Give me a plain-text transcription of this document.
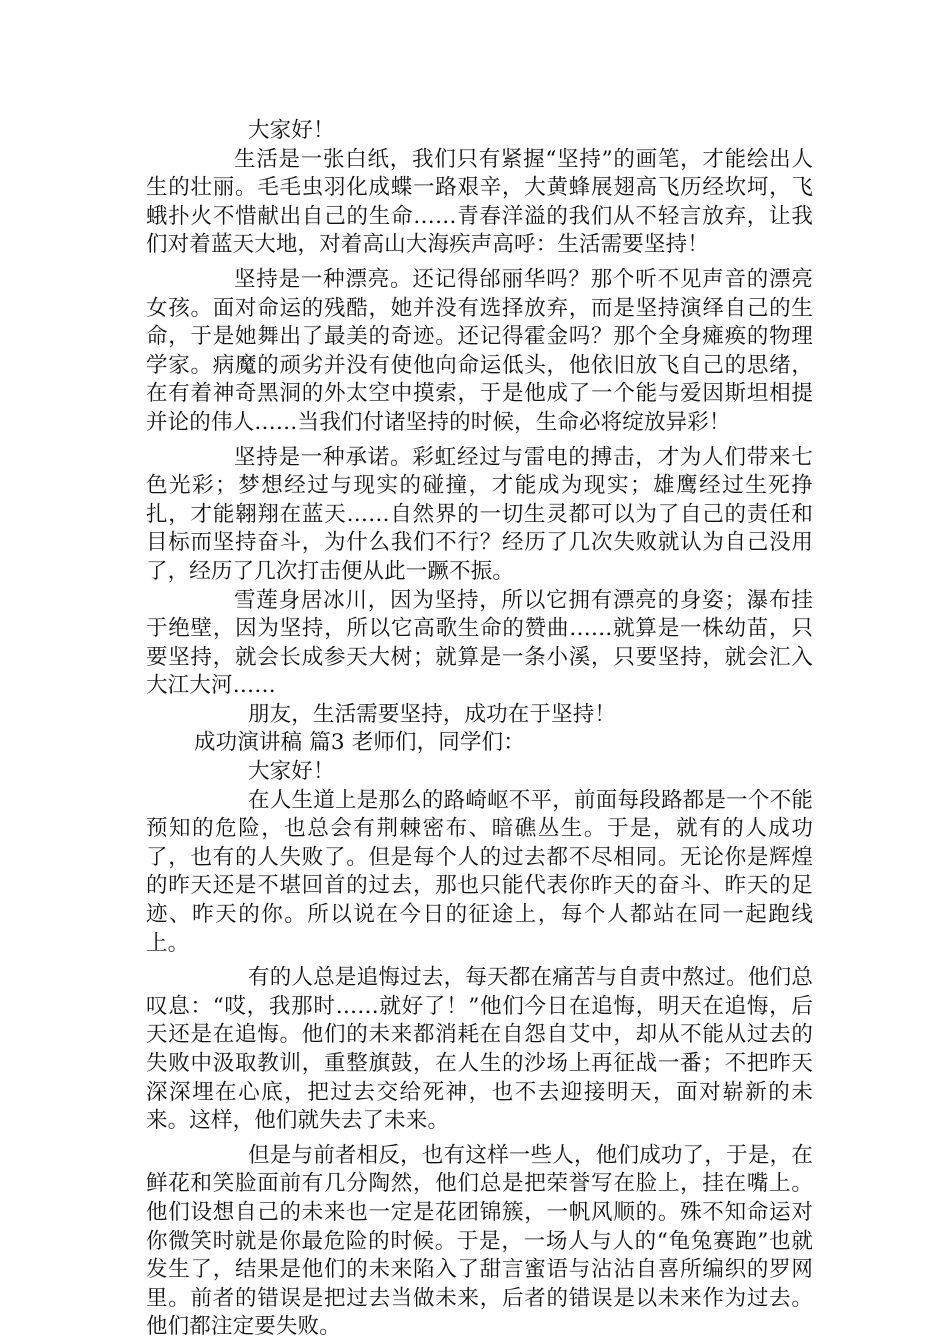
大家好！

生活是一张白纸，我们只有紧握“坚持”的画笔，才能绘出人生的壮丽。毛毛虫羽化成蝶一路艰辛，大黄蜂展翅高飞历经坎坷，飞蛾扑火不惜献出自己的生命……青春洋溢的我们从不轻言放弃，让我们对着蓝天大地，对着高山大海疾声高呼：生活需要坚持！

坚持是一种漂亮。还记得邰丽华吗？那个听不见声音的漂亮女孩。面对命运的残酷，她并没有选择放弃，而是坚持演绎自己的生命，于是她舞出了最美的奇迹。还记得霍金吗？那个全身瘫痪的物理学家。病魔的顽劣并没有使他向命运低头，他依旧放飞自己的思绪，在有着神奇黑洞的外太空中摸索，于是他成了一个能与爱因斯坦相提并论的伟人……当我们付诸坚持的时候，生命必将绽放异彩！

坚持是一种承诺。彩虹经过与雷电的搏击，才为人们带来七色光彩；梦想经过与现实的碰撞，才能成为现实；雄鹰经过生死挣扎，才能翱翔在蓝天……自然界的一切生灵都可以为了自己的责任和目标而坚持奋斗，为什么我们不行？经历了几次失败就认为自己没用了，经历了几次打击便从此一蹶不振。

雪莲身居冰川，因为坚持，所以它拥有漂亮的身姿；瀑布挂于绝壁，因为坚持，所以它高歌生命的赞曲……就算是一株幼苗，只要坚持，就会长成参天大树；就算是一条小溪，只要坚持，就会汇入大江大河……

朋友，生活需要坚持，成功在于坚持！

成功演讲稿 篇3 老师们，同学们：

大家好！

在人生道上是那么的路崎岖不平，前面每段路都是一个不能预知的危险，也总会有荆棘密布、暗礁丛生。于是，就有的人成功了，也有的人失败了。但是每个人的过去都不尽相同。无论你是辉煌的昨天还是不堪回首的过去，那也只能代表你昨天的奋斗、昨天的足迹、昨天的你。所以说在今日的征途上，每个人都站在同一起跑线上。

有的人总是追悔过去，每天都在痛苦与自责中熬过。他们总叹息：“哎，我那时……就好了！”他们今日在追悔，明天在追悔，后天还是在追悔。他们的未来都消耗在自怨自艾中，却从不能从过去的失败中汲取教训，重整旗鼓，在人生的沙场上再征战一番；不把昨天深深埋在心底，把过去交给死神，也不去迎接明天，面对崭新的未来。这样，他们就失去了未来。

但是与前者相反，也有这样一些人，他们成功了，于是，在鲜花和笑脸面前有几分陶然，他们总是把荣誉写在脸上，挂在嘴上。他们设想自己的未来也一定是花团锦簇，一帆风顺的。殊不知命运对你微笑时就是你最危险的时候。于是，一场人与人的“龟兔赛跑”也就发生了，结果是他们的未来陷入了甜言蜜语与沾沾自喜所编织的罗网里。前者的错误是把过去当做未来，后者的错误是以未来作为过去。他们都注定要失败。
